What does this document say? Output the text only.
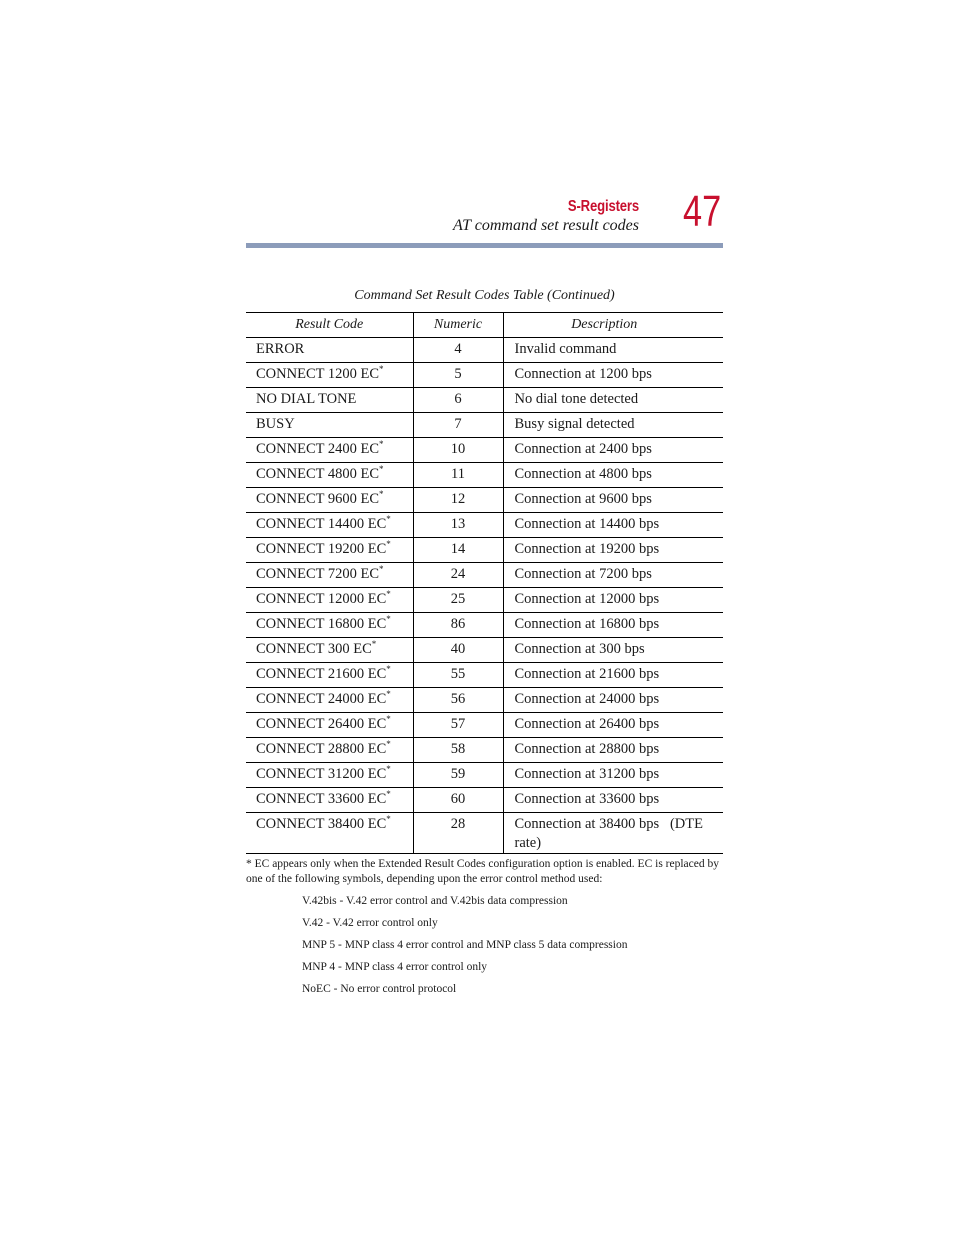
S-Registers
AT command set result codes 47
Command Set Result Codes Table (Continued)
Result Code	Numeric	Description
ERROR	4	Invalid command
CONNECT 1200 EC*	5	Connection at 1200 bps
NO DIAL TONE	6	No dial tone detected
BUSY	7	Busy signal detected
CONNECT 2400 EC*	10	Connection at 2400 bps
CONNECT 4800 EC*	11	Connection at 4800 bps
CONNECT 9600 EC*	12	Connection at 9600 bps
CONNECT 14400 EC*	13	Connection at 14400 bps
CONNECT 19200 EC*	14	Connection at 19200 bps
CONNECT 7200 EC*	24	Connection at 7200 bps
CONNECT 12000 EC*	25	Connection at 12000 bps
CONNECT 16800 EC*	86	Connection at 16800 bps
CONNECT 300 EC*	40	Connection at 300 bps
CONNECT 21600 EC*	55	Connection at 21600 bps
CONNECT 24000 EC*	56	Connection at 24000 bps
CONNECT 26400 EC*	57	Connection at 26400 bps
CONNECT 28800 EC*	58	Connection at 28800 bps
CONNECT 31200 EC*	59	Connection at 31200 bps
CONNECT 33600 EC*	60	Connection at 33600 bps
CONNECT 38400 EC*	28	Connection at 38400 bps   (DTE rate)
* EC appears only when the Extended Result Codes configuration option is enabled. EC is replaced by one of the following symbols, depending upon the error control method used:
V.42bis - V.42 error control and V.42bis data compression
V.42 - V.42 error control only
MNP 5 - MNP class 4 error control and MNP class 5 data compression
MNP 4 - MNP class 4 error control only
NoEC - No error control protocol
